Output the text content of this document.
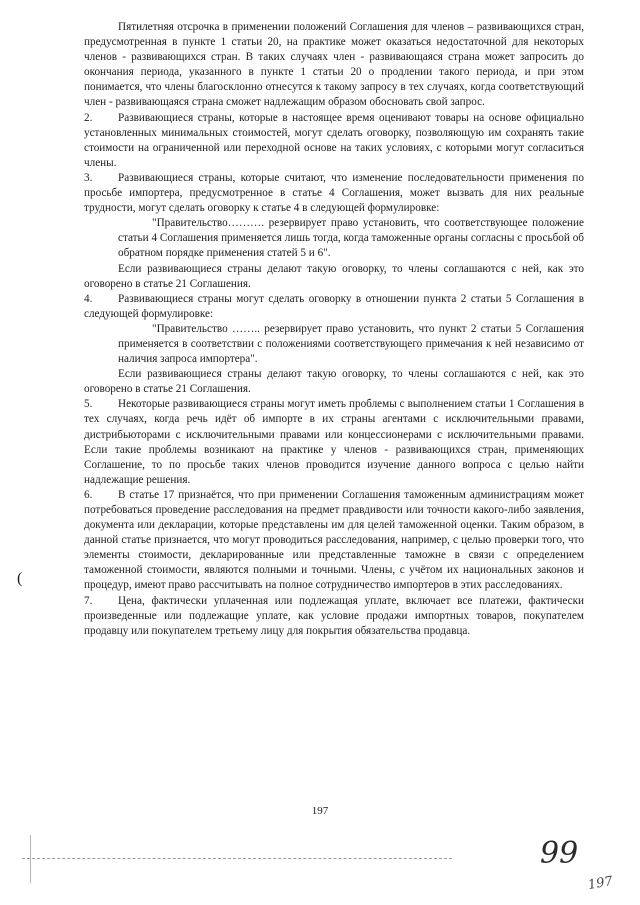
Пятилетняя отсрочка в применении положений Соглашения для членов – развивающихся стран, предусмотренная в пункте 1 статьи 20, на практике может оказаться недостаточной для некоторых членов - развивающихся стран. В таких случаях член - развивающаяся страна может запросить до окончания периода, указанного в пункте 1 статьи 20 о продлении такого периода, и при этом понимается, что члены благосклонно отнесутся к такому запросу в тех случаях, когда соответствующий член - развивающаяся страна сможет надлежащим образом обосновать свой запрос.

2. Развивающиеся страны, которые в настоящее время оценивают товары на основе официально установленных минимальных стоимостей, могут сделать оговорку, позволяющую им сохранять такие стоимости на ограниченной или переходной основе на таких условиях, с которыми могут согласиться члены.

3. Развивающиеся страны, которые считают, что изменение последовательности применения по просьбе импортера, предусмотренное в статье 4 Соглашения, может вызвать для них реальные трудности, могут сделать оговорку к статье 4 в следующей формулировке:

"Правительство………. резервирует право установить, что соответствующее положение статьи 4 Соглашения применяется лишь тогда, когда таможенные органы согласны с просьбой об обратном порядке применения статей 5 и 6".

Если развивающиеся страны делают такую оговорку, то члены соглашаются с ней, как это оговорено в статье 21 Соглашения.

4. Развивающиеся страны могут сделать оговорку в отношении пункта 2 статьи 5 Соглашения в следующей формулировке:

"Правительство …….. резервирует право установить, что пункт 2 статьи 5 Соглашения применяется в соответствии с положениями соответствующего примечания к ней независимо от наличия запроса импортера".

Если развивающиеся страны делают такую оговорку, то члены соглашаются с ней, как это оговорено в статье 21 Соглашения.

5. Некоторые развивающиеся страны могут иметь проблемы с выполнением статьи 1 Соглашения в тех случаях, когда речь идёт об импорте в их страны агентами с исключительными правами, дистрибьюторами с исключительными правами или концессионерами с исключительными правами. Если такие проблемы возникают на практике у членов - развивающихся стран, применяющих Соглашение, то по просьбе таких членов проводится изучение данного вопроса с целью найти надлежащие решения.

6. В статье 17 признаётся, что при применении Соглашения таможенным администрациям может потребоваться проведение расследования на предмет правдивости или точности какого-либо заявления, документа или декларации, которые представлены им для целей таможенной оценки. Таким образом, в данной статье признается, что могут проводиться расследования, например, с целью проверки того, что элементы стоимости, декларированные или представленные таможне в связи с определением таможенной стоимости, являются полными и точными. Члены, с учётом их национальных законов и процедур, имеют право рассчитывать на полное сотрудничество импортеров в этих расследованиях.

7. Цена, фактически уплаченная или подлежащая уплате, включает все платежи, фактически произведенные или подлежащие уплате, как условие продажи импортных товаров, покупателем продавцу или покупателем третьему лицу для покрытия обязательства продавца.

197
(
99
197
